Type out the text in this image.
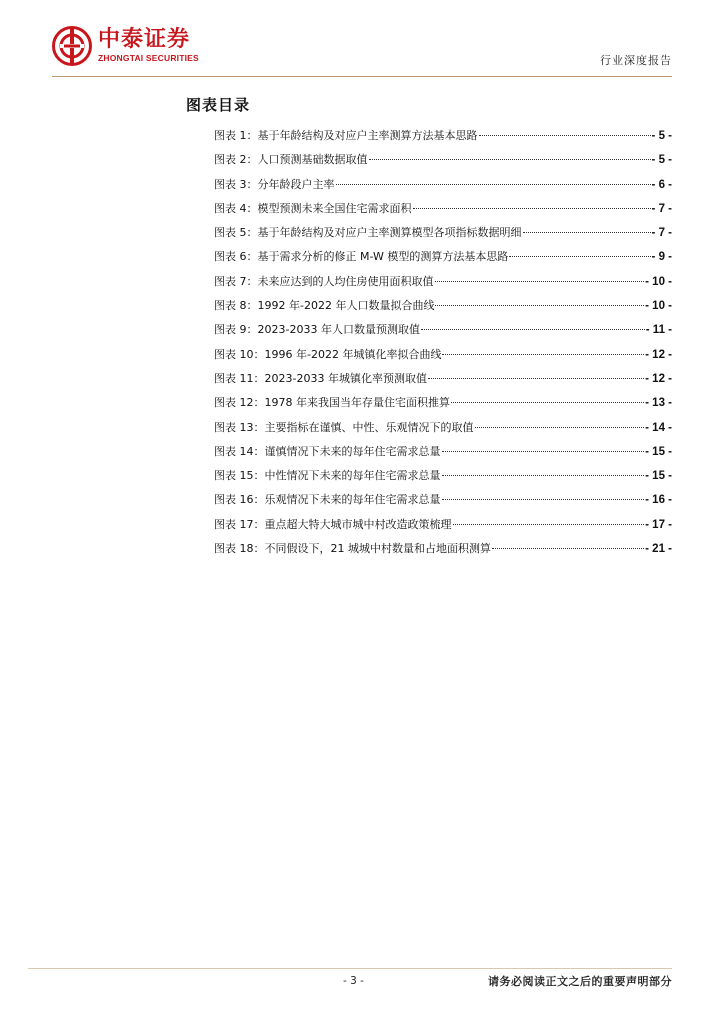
中泰证券
ZHONGTAI SECURITIES	行业深度报告
图表目录
图表 1：基于年龄结构及对应户主率测算方法基本思路	- 5 -
图表 2：人口预测基础数据取值	- 5 -
图表 3：分年龄段户主率	- 6 -
图表 4：模型预测未来全国住宅需求面积	- 7 -
图表 5：基于年龄结构及对应户主率测算模型各项指标数据明细	- 7 -
图表 6：基于需求分析的修正 M-W 模型的测算方法基本思路	- 9 -
图表 7：未来应达到的人均住房使用面积取值	- 10 -
图表 8：1992 年-2022 年人口数量拟合曲线	- 10 -
图表 9：2023-2033 年人口数量预测取值	- 11 -
图表 10：1996 年-2022 年城镇化率拟合曲线	- 12 -
图表 11：2023-2033 年城镇化率预测取值	- 12 -
图表 12：1978 年来我国当年存量住宅面积推算	- 13 -
图表 13：主要指标在谨慎、中性、乐观情况下的取值	- 14 -
图表 14：谨慎情况下未来的每年住宅需求总量	- 15 -
图表 15：中性情况下未来的每年住宅需求总量	- 15 -
图表 16：乐观情况下未来的每年住宅需求总量	- 16 -
图表 17：重点超大特大城市城中村改造政策梳理	- 17 -
图表 18：不同假设下，21 城城中村数量和占地面积测算	- 21 -
- 3 -	请务必阅读正文之后的重要声明部分
